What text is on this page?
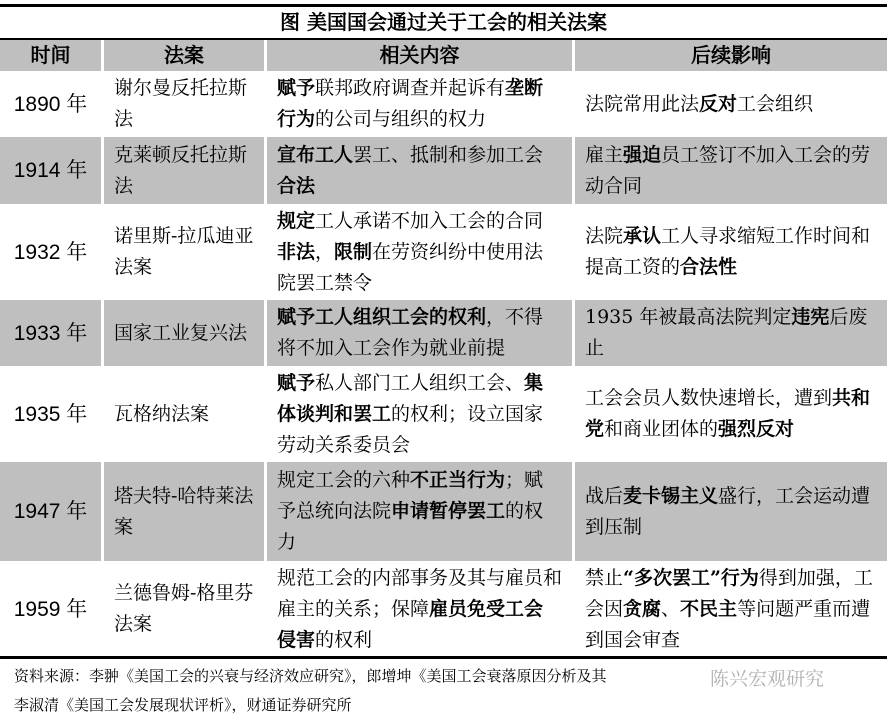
图 美国国会通过关于工会的相关法案
时间	法案	相关内容	后续影响
1890 年	谢尔曼反托拉斯法	赋予联邦政府调查并起诉有垄断行为的公司与组织的权力	法院常用此法反对工会组织
1914 年	克莱顿反托拉斯法	宣布工人罢工、抵制和参加工会合法	雇主强迫员工签订不加入工会的劳动合同
1932 年	诺里斯-拉瓜迪亚法案	规定工人承诺不加入工会的合同非法，限制在劳资纠纷中使用法院罢工禁令	法院承认工人寻求缩短工作时间和提高工资的合法性
1933 年	国家工业复兴法	赋予工人组织工会的权利，不得将不加入工会作为就业前提	1935 年被最高法院判定违宪后废止
1935 年	瓦格纳法案	赋予私人部门工人组织工会、集体谈判和罢工的权利；设立国家劳动关系委员会	工会会员人数快速增长，遭到共和党和商业团体的强烈反对
1947 年	塔夫特-哈特莱法案	规定工会的六种不正当行为；赋予总统向法院申请暂停罢工的权力	战后麦卡锡主义盛行，工会运动遭到压制
1959 年	兰德鲁姆-格里芬法案	规范工会的内部事务及其与雇员和雇主的关系；保障雇员免受工会侵害的权利	禁止“多次罢工”行为得到加强，工会因贪腐、不民主等问题严重而遭到国会审查
资料来源：李翀《美国工会的兴衰与经济效应研究》，郎增坤《美国工会衰落原因分析及其
李淑清《美国工会发展现状评析》，财通证券研究所
陈兴宏观研究
